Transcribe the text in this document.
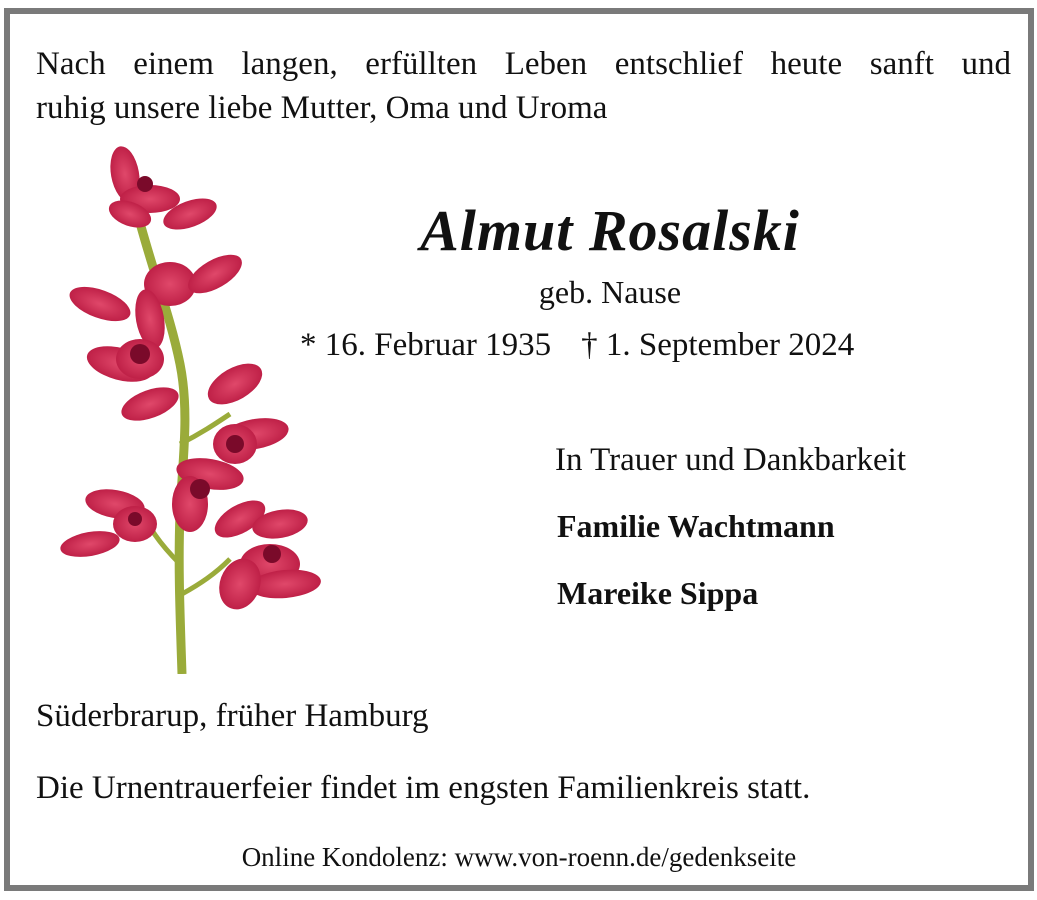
Nach einem langen, erfüllten Leben entschlief heute sanft und
ruhig unsere liebe Mutter, Oma und Uroma
Almut Rosalski
geb. Nause
* 16. Februar 1935 † 1. September 2024
In Trauer und Dankbarkeit
Familie Wachtmann
Mareike Sippa
Süderbrarup, früher Hamburg
Die Urnentrauerfeier findet im engsten Familienkreis statt.
Online Kondolenz: www.von-roenn.de/gedenkseite
